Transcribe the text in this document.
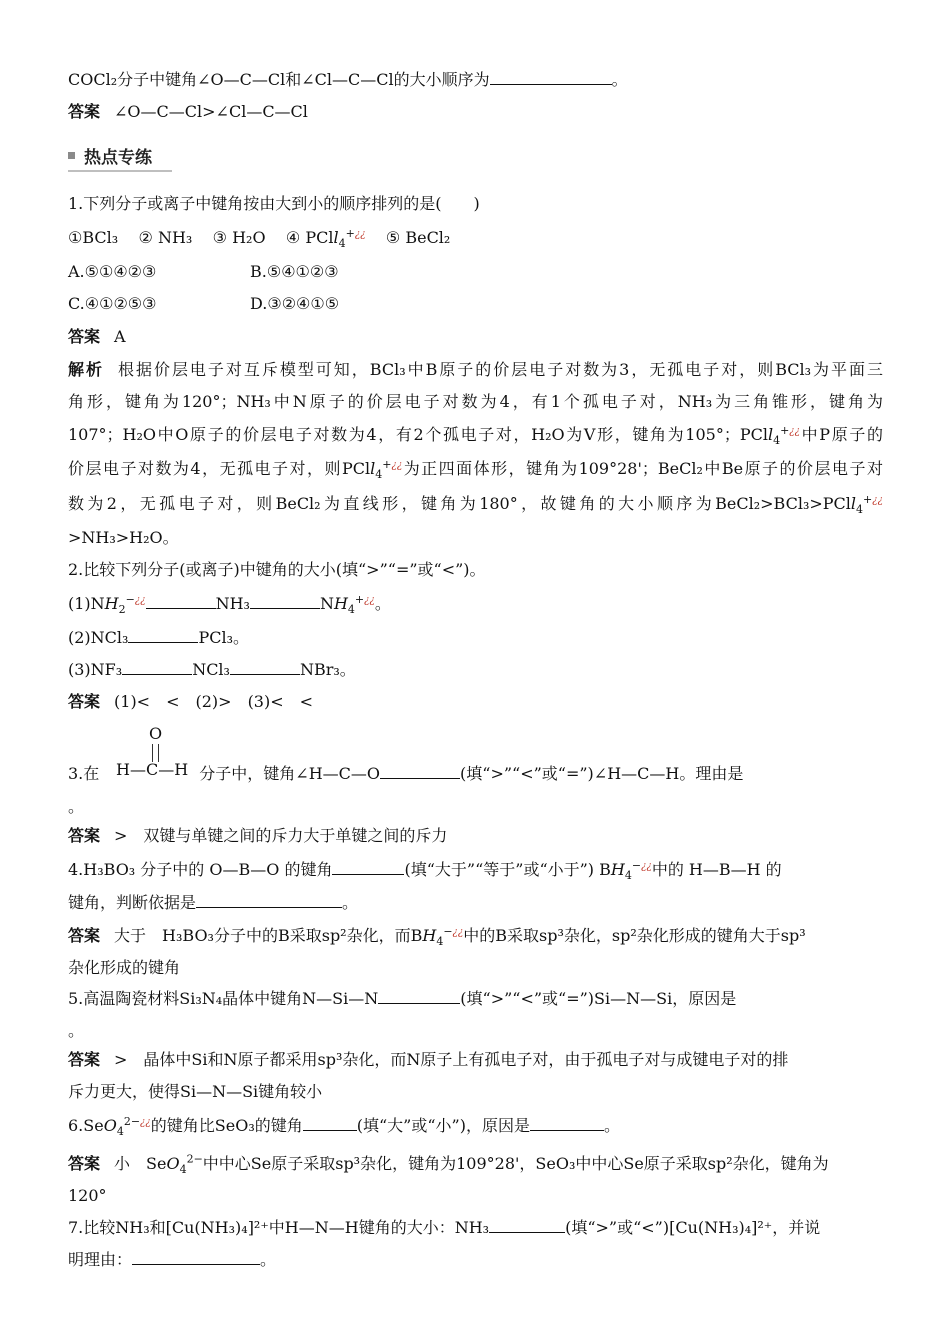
COCl₂分子中键角∠O—C—Cl和∠Cl—C—Cl的大小顺序为	。
答案 ∠O—C—Cl>∠Cl—C—Cl
热点专练
1.下列分子或离子中键角按由大到小的顺序排列的是(　　)
①BCl₃ ② NH₃ ③ H₂O ④ PCll$_4$+¿¿ ⑤ BeCl₂
A.⑤①④②③	B.⑤④①②③
C.④①②⑤③	D.③②④①⑤
答案 A
解析 根据价层电子对互斥模型可知，BCl₃中B原子的价层电子对数为3，无孤电子对，则BCl₃为平面三
角形，键角为120°；NH₃中N原子的价层电子对数为4，有1个孤电子对，NH₃为三角锥形，键角为
107°；H₂O中O原子的价层电子对数为4，有2个孤电子对，H₂O为V形，键角为105°；PCll$_4$+¿¿中P原子的
价层电子对数为4，无孤电子对，则PCll$_4$+¿¿为正四面体形，键角为109°28'；BeCl₂中Be原子的价层电子对
数为2，无孤电子对，则BeCl₂为直线形，键角为180°，故键角的大小顺序为BeCl₂>BCl₃>PCll$_4$+¿¿
>NH₃>H₂O。
2.比较下列分子(或离子)中键角的大小(填“>”“=”或“<”)。
$(1)NH_2^{-¿¿}$	NH₃	$NH_4^{+¿¿}$。
(2)NCl₃	PCl₃。
(3)NF₃	NCl₃	NBr₃。
答案 (1)<　<　(2)>　(3)<　<
O
H—C—H
3.在	分子中，键角∠H—C—O	(填“>”“<”或“=”)∠H—C—H。理由是
。
答案 >　双键与单键之间的斥力大于单键之间的斥力
4.H₃BO₃ 分子中的 O—B—O 的键角	(填“大于”“等于”或“小于”) $BH_4^{-¿¿}$中的 H—B—H 的
键角，判断依据是	。
答案 大于　H₃BO₃分子中的B采取sp²杂化，而$BH_4^{-¿¿}$中的B采取sp³杂化，sp²杂化形成的键角大于sp³
杂化形成的键角
5.高温陶瓷材料Si₃N₄晶体中键角N—Si—N	(填“>”“<”或“=”)Si—N—Si，原因是
。
答案 >　晶体中Si和N原子都采用sp³杂化，而N原子上有孤电子对，由于孤电子对与成键电子对的排
斥力更大，使得Si—N—Si键角较小
6.SeO$_4^{2-¿¿}$的键角比SeO₃的键角	(填“大”或“小”)，原因是	。
答案 小　SeO$_4^{2-}$中中心Se原子采取sp³杂化，键角为109°28'，SeO₃中中心Se原子采取sp²杂化，键角为
120°
7.比较NH₃和[Cu(NH₃)₄]²⁺中H—N—H键角的大小：NH₃	(填“>”或“<”)[Cu(NH₃)₄]²⁺，并说
明理由：	。
